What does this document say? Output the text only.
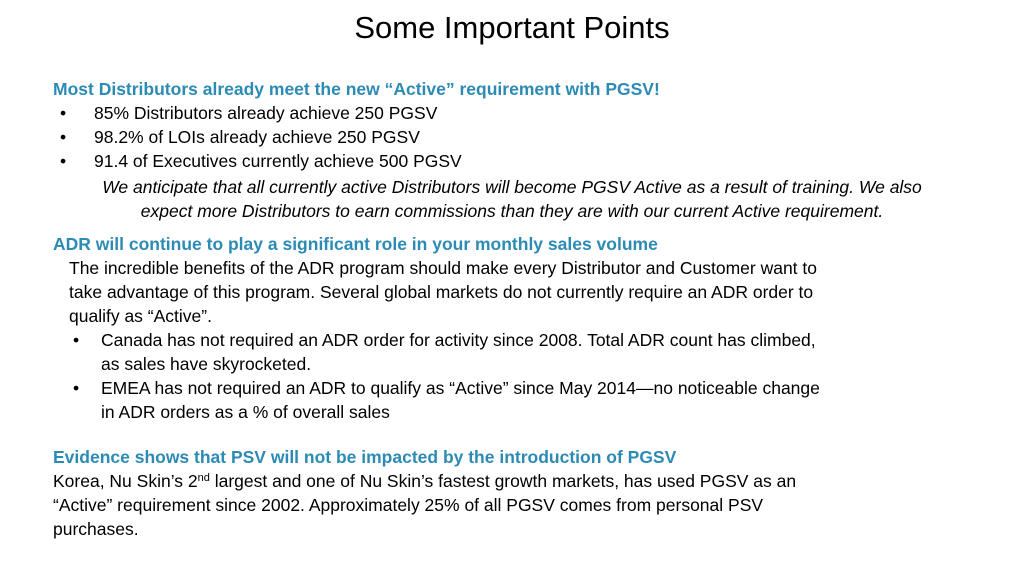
Some Important Points
Most Distributors already meet the new “Active” requirement with PGSV!
• 85% Distributors already achieve 250 PGSV
• 98.2% of LOIs already achieve 250 PGSV
• 91.4 of Executives currently achieve 500 PGSV
We anticipate that all currently active Distributors will become PGSV Active as a result of training. We also
expect more Distributors to earn commissions than they are with our current Active requirement.
ADR will continue to play a significant role in your monthly sales volume
The incredible benefits of the ADR program should make every Distributor and Customer want to
take advantage of this program. Several global markets do not currently require an ADR order to
qualify as “Active”.
• Canada has not required an ADR order for activity since 2008. Total ADR count has climbed,
as sales have skyrocketed.
• EMEA has not required an ADR to qualify as “Active” since May 2014—no noticeable change
in ADR orders as a % of overall sales
Evidence shows that PSV will not be impacted by the introduction of PGSV
Korea, Nu Skin’s 2nd largest and one of Nu Skin’s fastest growth markets, has used PGSV as an
“Active” requirement since 2002. Approximately 25% of all PGSV comes from personal PSV
purchases.
